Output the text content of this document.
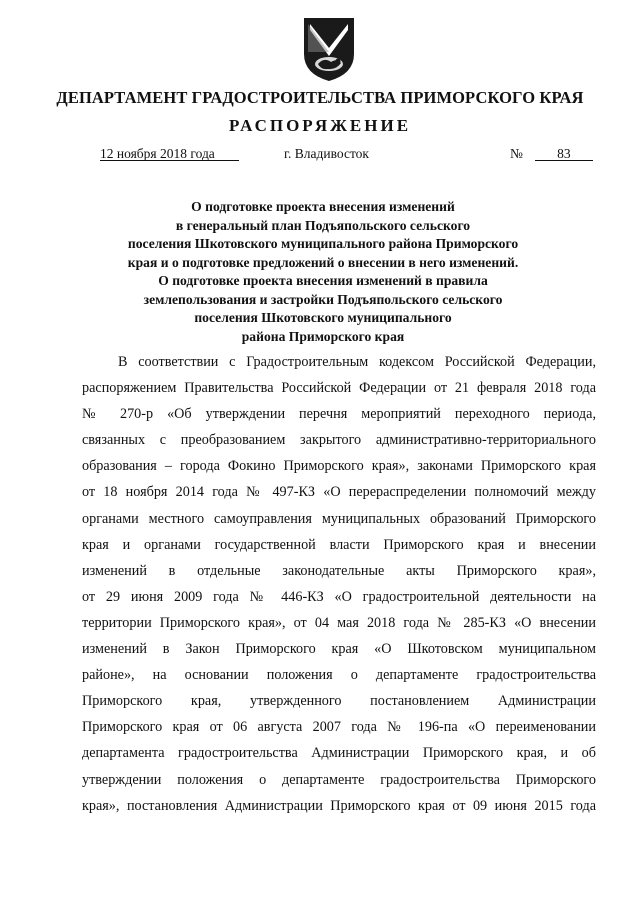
ДЕПАРТАМЕНТ ГРАДОСТРОИТЕЛЬСТВА ПРИМОРСКОГО КРАЯ
РАСПОРЯЖЕНИЕ
12 ноября 2018 года	г. Владивосток	№	83

О подготовке проекта внесения изменений

в генеральный план Подъяпольского сельского

поселения Шкотовского муниципального района Приморского

края и о подготовке предложений о внесении в него изменений.

О подготовке проекта внесения изменений в правила

землепользования и застройки Подъяпольского сельского

поселения Шкотовского муниципального

района Приморского края

В соответствии с Градостроительным кодексом Российской Федерации,
распоряжением Правительства Российской Федерации от 21 февраля 2018 года
№ 270-р «Об утверждении перечня мероприятий переходного периода,
связанных с преобразованием закрытого административно-территориального
образования – города Фокино Приморского края», законами Приморского края
от 18 ноября 2014 года № 497-КЗ «О перераспределении полномочий между
органами местного самоуправления муниципальных образований Приморского
края и органами государственной власти Приморского края и внесении
изменений в отдельные законодательные акты Приморского края»,
от 29 июня 2009 года № 446-КЗ «О градостроительной деятельности на
территории Приморского края», от 04 мая 2018 года № 285-КЗ «О внесении
изменений в Закон Приморского края «О Шкотовском муниципальном
районе», на основании положения о департаменте градостроительства
Приморского края, утвержденного постановлением Администрации
Приморского края от 06 августа 2007 года № 196-па «О переименовании
департамента градостроительства Администрации Приморского края, и об
утверждении положения о департаменте градостроительства Приморского
края», постановления Администрации Приморского края от 09 июня 2015 года
